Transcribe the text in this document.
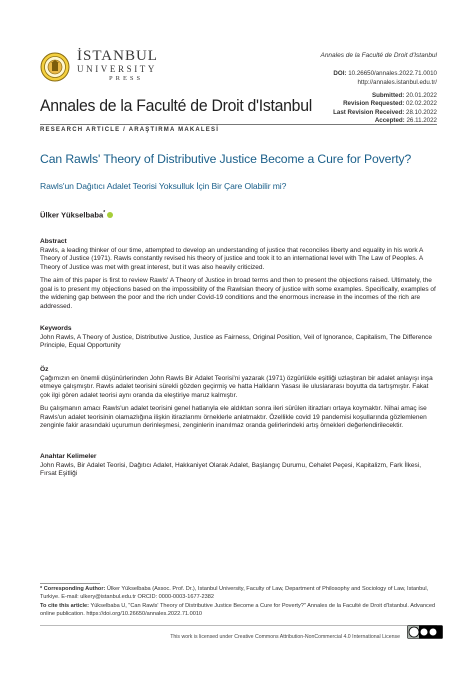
İSTANBUL
UNIVERSITY
PRESS
Annales de la Faculté de Droit d'Istanbul
DOI: 10.26650/annales.2022.71.0010
http://annales.istanbul.edu.tr/
Annales de la Faculté de Droit d'Istanbul
Submitted: 20.01.2022
Revision Requested: 02.02.2022
Last Revision Received: 28.10.2022
Accepted: 26.11.2022
RESEARCH ARTICLE / ARAŞTIRMA MAKALESİ
Can Rawls' Theory of Distributive Justice Become a Cure for Poverty?
Rawls'un Dağıtıcı Adalet Teorisi Yoksulluk İçin Bir Çare Olabilir mi?
Ülker Yükselbaba*
Abstract

Rawls, a leading thinker of our time, attempted to develop an understanding of justice that reconciles liberty and equality in his work A Theory of Justice (1971). Rawls constantly revised his theory of justice and took it to an international level with The Law of Peoples. A Theory of Justice was met with great interest, but it was also heavily criticized.

The aim of this paper is first to review Rawls' A Theory of Justice in broad terms and then to present the objections raised. Ultimately, the goal is to present my objections based on the impossibility of the Rawlsian theory of justice with some examples. Specifically, examples of the widening gap between the poor and the rich under Covid-19 conditions and the enormous increase in the incomes of the rich are addressed.

Keywords

John Rawls, A Theory of Justice, Distributive Justice, Justice as Fairness, Original Position, Veil of Ignorance, Capitalism, The Difference Principle, Equal Opportunity

Öz

Çağımızın en önemli düşünürlerinden John Rawls Bir Adalet Teorisi'ni yazarak (1971) özgürlükle eşitliği uzlaştıran bir adalet anlayışı inşa etmeye çalışmıştır. Rawls adalet teorisini sürekli gözden geçirmiş ve hatta Halkların Yasası ile uluslararası boyutta da tartışmıştır. Fakat çok ilgi gören adalet teorisi aynı oranda da eleştiriye maruz kalmıştır.

Bu çalışmanın amacı Rawls'un adalet teorisini genel hatlarıyla ele aldıktan sonra ileri sürülen itirazları ortaya koymaktır. Nihai amaç ise Rawls'un adalet teorisinin olamazlığına ilişkin itirazlarımı örneklerle anlatmaktır. Özellikle covid 19 pandemisi koşullarında gözlemlenen zenginle fakir arasındaki uçurumun derinleşmesi, zenginlerin inanılmaz oranda gelirlerindeki artış örnekleri değerlendirilecektir.

Anahtar Kelimeler

John Rawls, Bir Adalet Teorisi, Dağıtıcı Adalet, Hakkaniyet Olarak Adalet, Başlangıç Durumu, Cehalet Peçesi, Kapitalizm, Fark İlkesi, Fırsat Eşitliği

* Corresponding Author: Ülker Yükselbaba (Assoc. Prof. Dr.), Istanbul University, Faculty of Law, Department of Philosophy and Sociology of Law, Istanbul, Turkiye. E-mail: ulkery@istanbul.edu.tr ORCID: 0000-0003-1677-2382

To cite this article: Yükselbaba U, "Can Rawls' Theory of Distributive Justice Become a Cure for Poverty?" Annales de la Faculté de Droit d'Istanbul. Advanced online publication. https://doi.org/10.26650/annales.2022.71.0010

This work is licensed under Creative Commons Attribution-NonCommercial 4.0 International License
